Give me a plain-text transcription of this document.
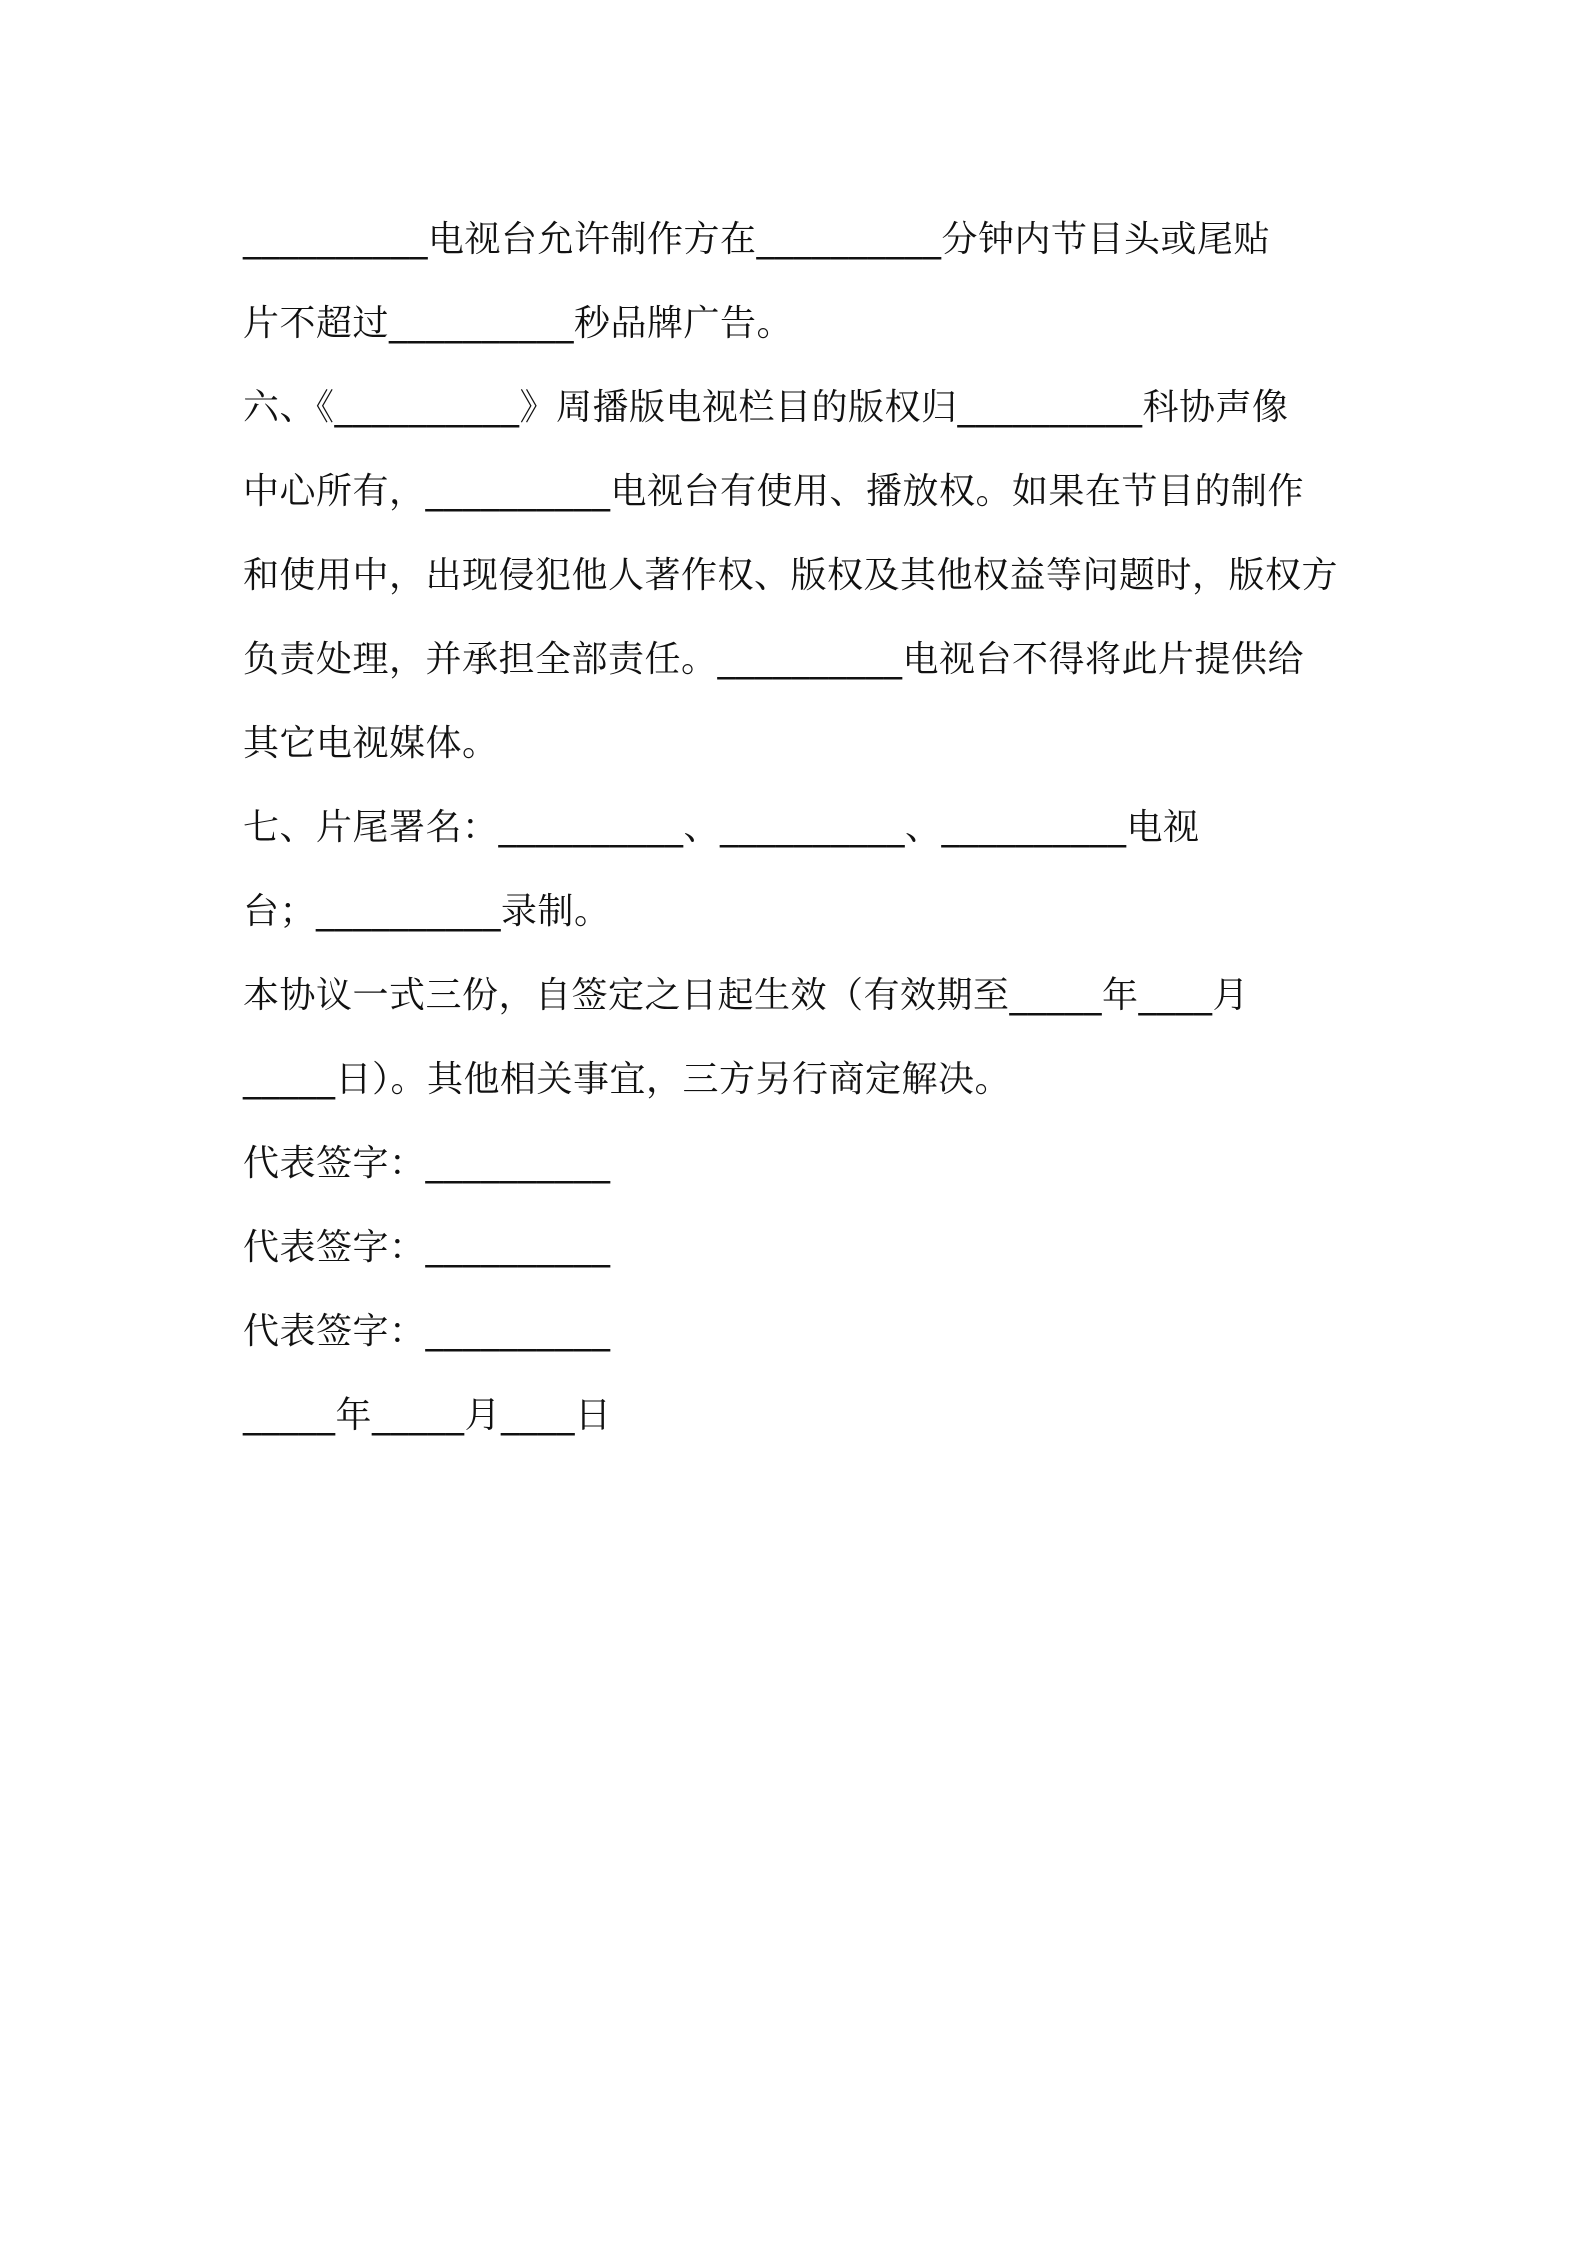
__________电视台允许制作方在__________分钟内节目头或尾贴
片不超过__________秒品牌广告。
六、《__________》周播版电视栏目的版权归__________科协声像
中心所有，__________电视台有使用、播放权。如果在节目的制作
和使用中，出现侵犯他人著作权、版权及其他权益等问题时，版权方
负责处理，并承担全部责任。__________电视台不得将此片提供给
其它电视媒体。
七、片尾署名：__________、__________、__________电视
台；__________录制。
本协议一式三份，自签定之日起生效（有效期至_____年____月
_____日）。其他相关事宜，三方另行商定解决。
代表签字：__________
代表签字：__________
代表签字：__________
_____年_____月____日
